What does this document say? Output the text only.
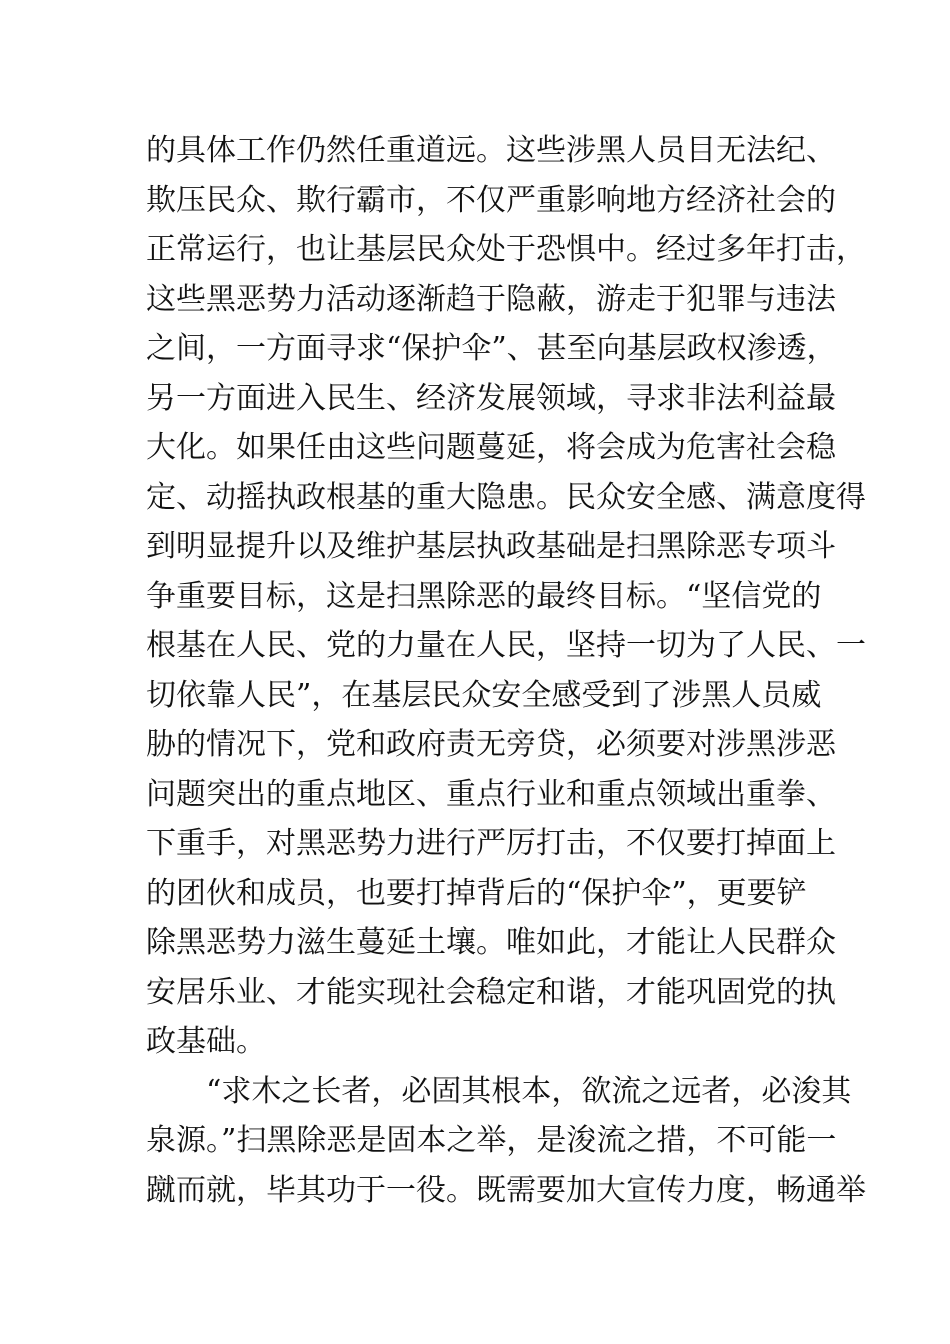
的具体工作仍然任重道远。这些涉黑人员目无法纪、
欺压民众、欺行霸市，不仅严重影响地方经济社会的
正常运行，也让基层民众处于恐惧中。经过多年打击，
这些黑恶势力活动逐渐趋于隐蔽，游走于犯罪与违法
之间，一方面寻求“保护伞”、甚至向基层政权渗透，
另一方面进入民生、经济发展领域，寻求非法利益最
大化。如果任由这些问题蔓延，将会成为危害社会稳
定、动摇执政根基的重大隐患。民众安全感、满意度得
到明显提升以及维护基层执政基础是扫黑除恶专项斗
争重要目标，这是扫黑除恶的最终目标。“坚信党的
根基在人民、党的力量在人民，坚持一切为了人民、一
切依靠人民”，在基层民众安全感受到了涉黑人员威
胁的情况下，党和政府责无旁贷，必须要对涉黑涉恶
问题突出的重点地区、重点行业和重点领域出重拳、
下重手，对黑恶势力进行严厉打击，不仅要打掉面上
的团伙和成员，也要打掉背后的“保护伞”，更要铲
除黑恶势力滋生蔓延土壤。唯如此，才能让人民群众
安居乐业、才能实现社会稳定和谐，才能巩固党的执
政基础。
“求木之长者，必固其根本，欲流之远者，必浚其
泉源。”扫黑除恶是固本之举，是浚流之措，不可能一
蹴而就，毕其功于一役。既需要加大宣传力度，畅通举
